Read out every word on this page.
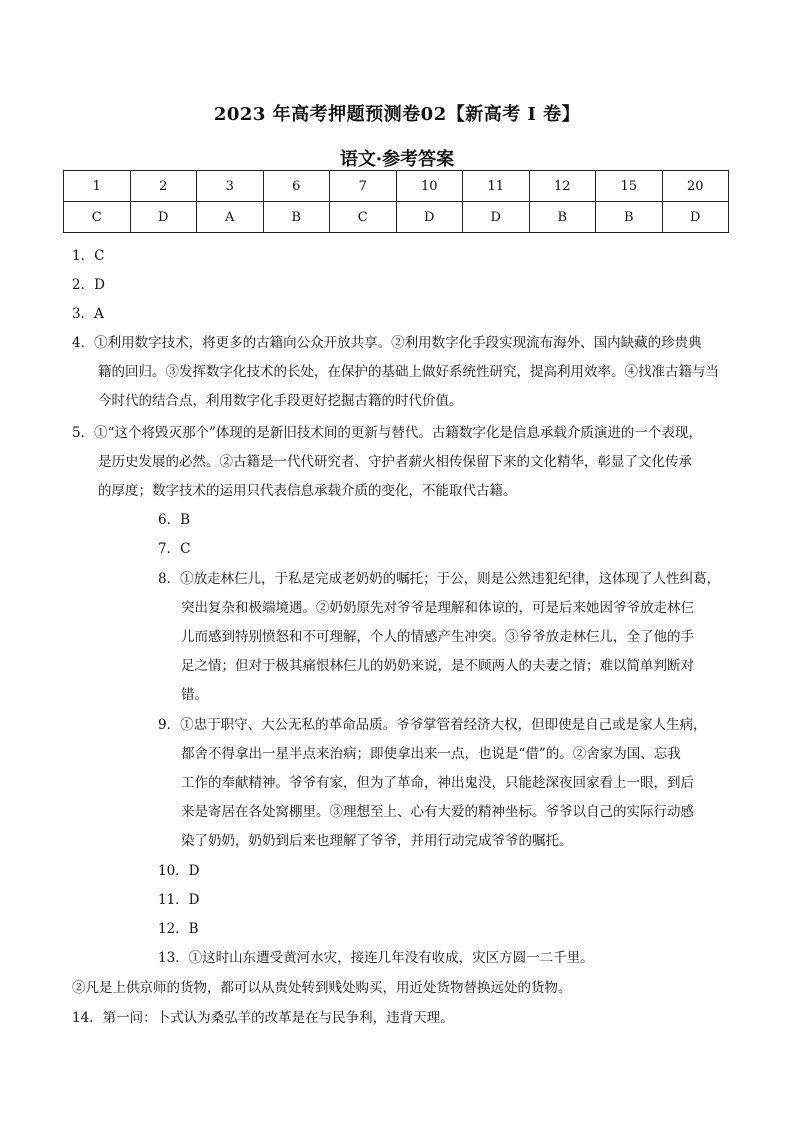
2023 年高考押题预测卷02【新高考 I 卷】
语文·参考答案
1	2	3	6	7	10	11	12	15	20
C	D	A	B	C	D	D	B	B	D
1．C
2．D
3．A
4．①利用数字技术，将更多的古籍向公众开放共享。②利用数字化手段实现流布海外、国内缺藏的珍贵典
籍的回归。③发挥数字化技术的长处，在保护的基础上做好系统性研究，提高利用效率。④找准古籍与当
今时代的结合点，利用数字化手段更好挖掘古籍的时代价值。
5．①“这个将毁灭那个”体现的是新旧技术间的更新与替代。古籍数字化是信息承载介质演进的一个表现，
是历史发展的必然。②古籍是一代代研究者、守护者薪火相传保留下来的文化精华，彰显了文化传承
的厚度；数字技术的运用只代表信息承载介质的变化，不能取代古籍。
6．B
7．C
8．①放走林仨儿，于私是完成老奶奶的嘱托；于公，则是公然违犯纪律，这体现了人性纠葛，
突出复杂和极端境遇。②奶奶原先对爷爷是理解和体谅的，可是后来她因爷爷放走林仨
儿而感到特别愤怒和不可理解，个人的情感产生冲突。③爷爷放走林仨儿，全了他的手
足之情；但对于极其痛恨林仨儿的奶奶来说，是不顾两人的夫妻之情；难以简单判断对
错。
9．①忠于职守、大公无私的革命品质。爷爷掌管着经济大权，但即使是自己或是家人生病，
都舍不得拿出一星半点来治病；即使拿出来一点，也说是“借”的。②舍家为国、忘我
工作的奉献精神。爷爷有家，但为了革命，神出鬼没，只能趁深夜回家看上一眼，到后
来是寄居在各处窝棚里。③理想至上、心有大爱的精神坐标。爷爷以自己的实际行动感
染了奶奶，奶奶到后来也理解了爷爷，并用行动完成爷爷的嘱托。
10．D
11．D
12．B
13．①这时山东遭受黄河水灾，接连几年没有收成，灾区方圆一二千里。
②凡是上供京师的货物，都可以从贵处转到贱处购买，用近处货物替换远处的货物。
14．第一问：卜式认为桑弘羊的改革是在与民争利，违背天理。
